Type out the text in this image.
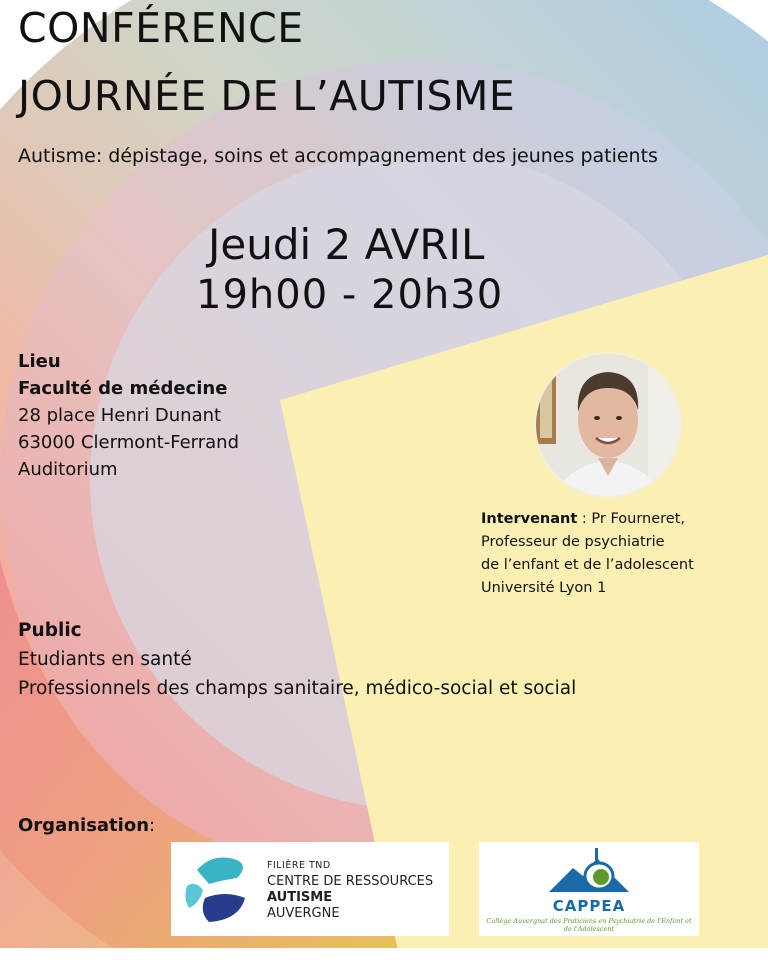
CONFÉRENCE
JOURNÉE DE L’AUTISME
Autisme: dépistage, soins et accompagnement des jeunes patients
Jeudi 2 AVRIL
19h00 - 20h30
Lieu
Faculté de médecine
28 place Henri Dunant
63000 Clermont-Ferrand
Auditorium
Intervenant : Pr Fourneret,
Professeur de psychiatrie
de l’enfant et de l’adolescent
Université Lyon 1
Public
Etudiants en santé
Professionnels des champs sanitaire, médico-social et social
Organisation:
FILIÈRE TND
CENTRE DE RESSOURCES
AUTISME
AUVERGNE	CAPPEA
Collège Auvergnat des Praticiens en Psychiatrie de l'Enfant et de l'Adolescent
